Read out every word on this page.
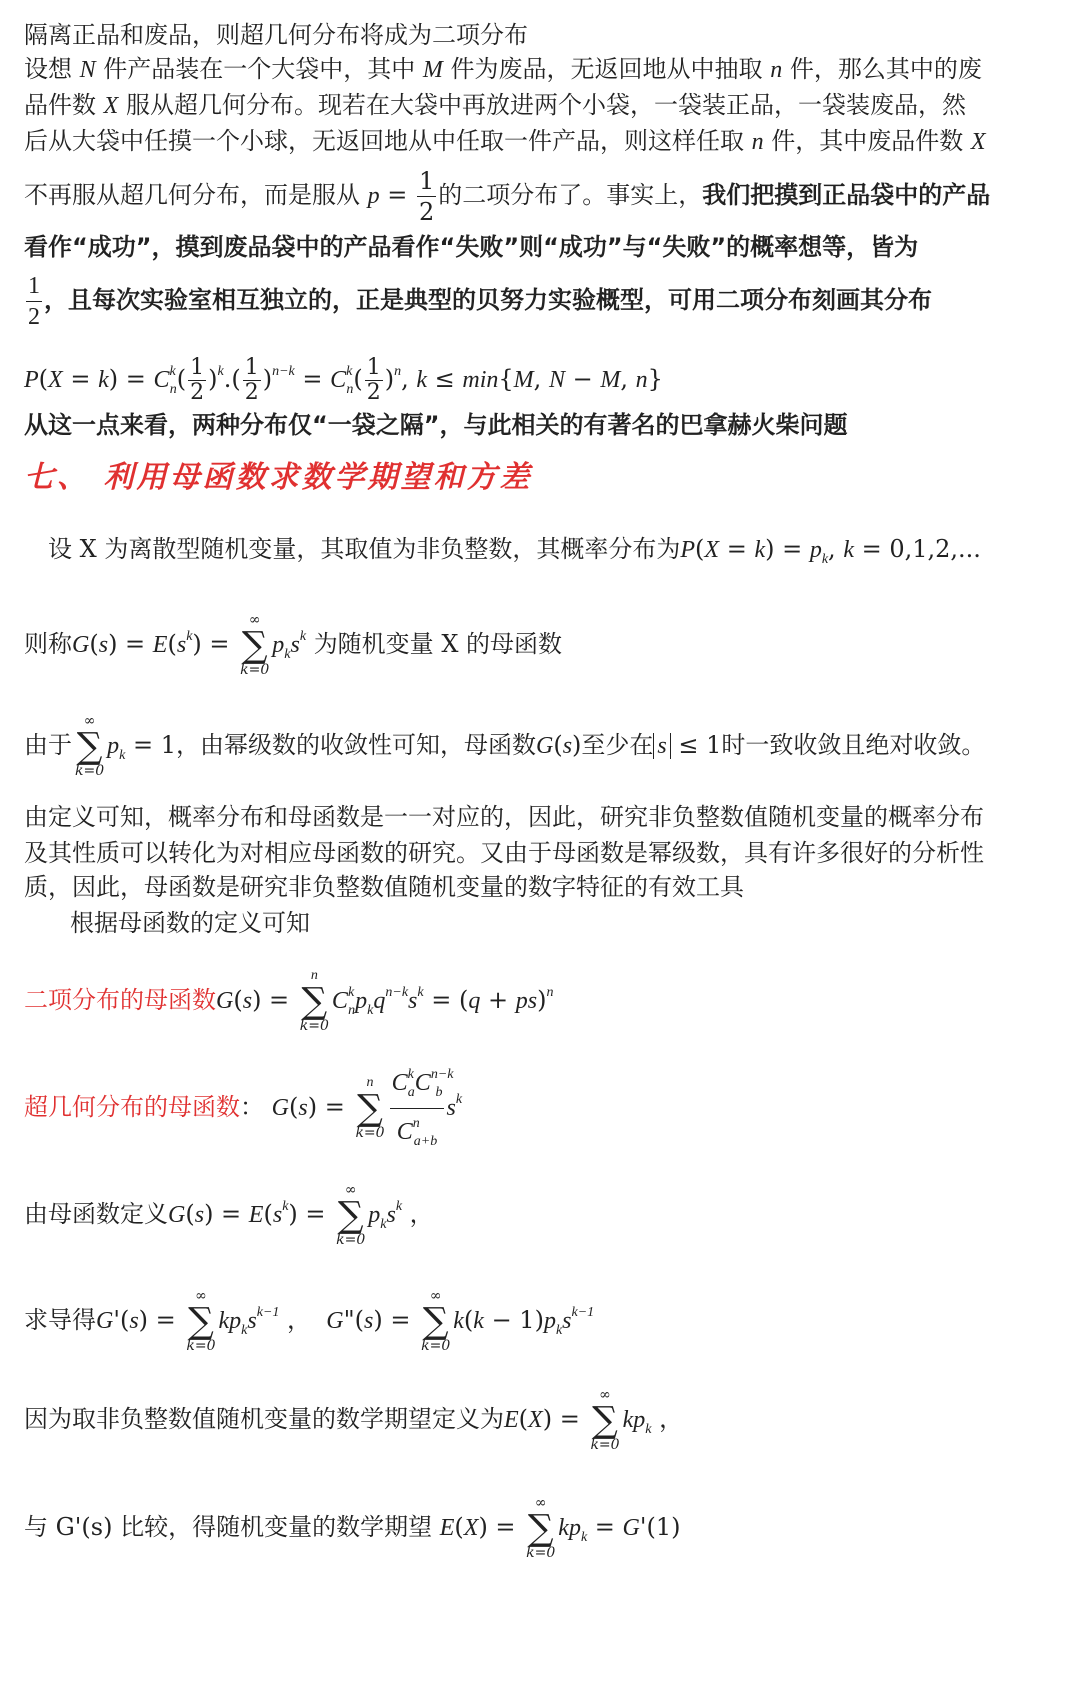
隔离正品和废品，则超几何分布将成为二项分布
设想 N 件产品装在一个大袋中，其中 M 件为废品，无返回地从中抽取 n 件，那么其中的废
品件数 X 服从超几何分布。现若在大袋中再放进两个小袋，一袋装正品，一袋装废品，然
后从大袋中任摸一个小球，无返回地从中任取一件产品，则这样任取 n 件，其中废品件数 X
不再服从超几何分布，而是服从 $p = \frac{1}{2}$ 的二项分布了。事实上，我们把摸到正品袋中的产品
看作“成功”，摸到废品袋中的产品看作“失败”则“成功”与“失败”的概率想等，皆为
$\frac{1}{2}$ ，且每次实验室相互独立的，正是典型的贝努力实验概型，可用二项分布刻画其分布
$P(X = k) = C^k_n( \frac{1}{2} )^k.( \frac{1}{2} )^{n-k} = C^k_n( \frac{1}{2} )^n$, k ≤ min{M, N − M, n}
从这一点来看，两种分布仅“一袋之隔”，与此相关的有著名的巴拿赫火柴问题
七、 利用母函数求数学期望和方差
设 X 为离散型随机变量，其取值为非负整数，其概率分布为$P(X = k) = p_k$, k = 0,1,2,...
则称$G(s) = E(s^k)$ =
∞
∑
k=0
$p_ks^k$ 为随机变量 X 的母函数
由于
∞
∑
k=0
$p_k = 1$，由幂级数的收敛性可知，母函数G(s)至少在 s ≤ 1时一致收敛且绝对收敛。
由定义可知，概率分布和母函数是一一对应的，因此，研究非负整数值随机变量的概率分布
及其性质可以转化为对相应母函数的研究。又由于母函数是幂级数，具有许多很好的分析性
质，因此，母函数是研究非负整数值随机变量的数字特征的有效工具
根据母函数的定义可知
二项分布的母函数G(s) =
n
∑
k=0
$C^k_np_kq^{n-k}s^k = (q + ps)^n$
超几何分布的母函数： G(s) =
n
∑
$k=0 \frac{C^k_aC^{n-k}_b}{C^n_{a+b}} s^k$
由母函数定义$G(s) = E(s^k)$ =
∞
∑
k=0
$p_ks^k$ ，
求导得G'(s) =
∞
∑
k=0
$kp_ks^{k-1}$ ，  G"(s) =
∞
∑
k=0
$k(k - 1)p_ks^{k-1}$
因为取非负整数值随机变量的数学期望定义为E(X) =
∞
∑
k=0
$kp_k$ ，
与 G'(s) 比较，得随机变量的数学期望 E(X) =
∞
∑
k=0
$kp_k = G'(1)$
